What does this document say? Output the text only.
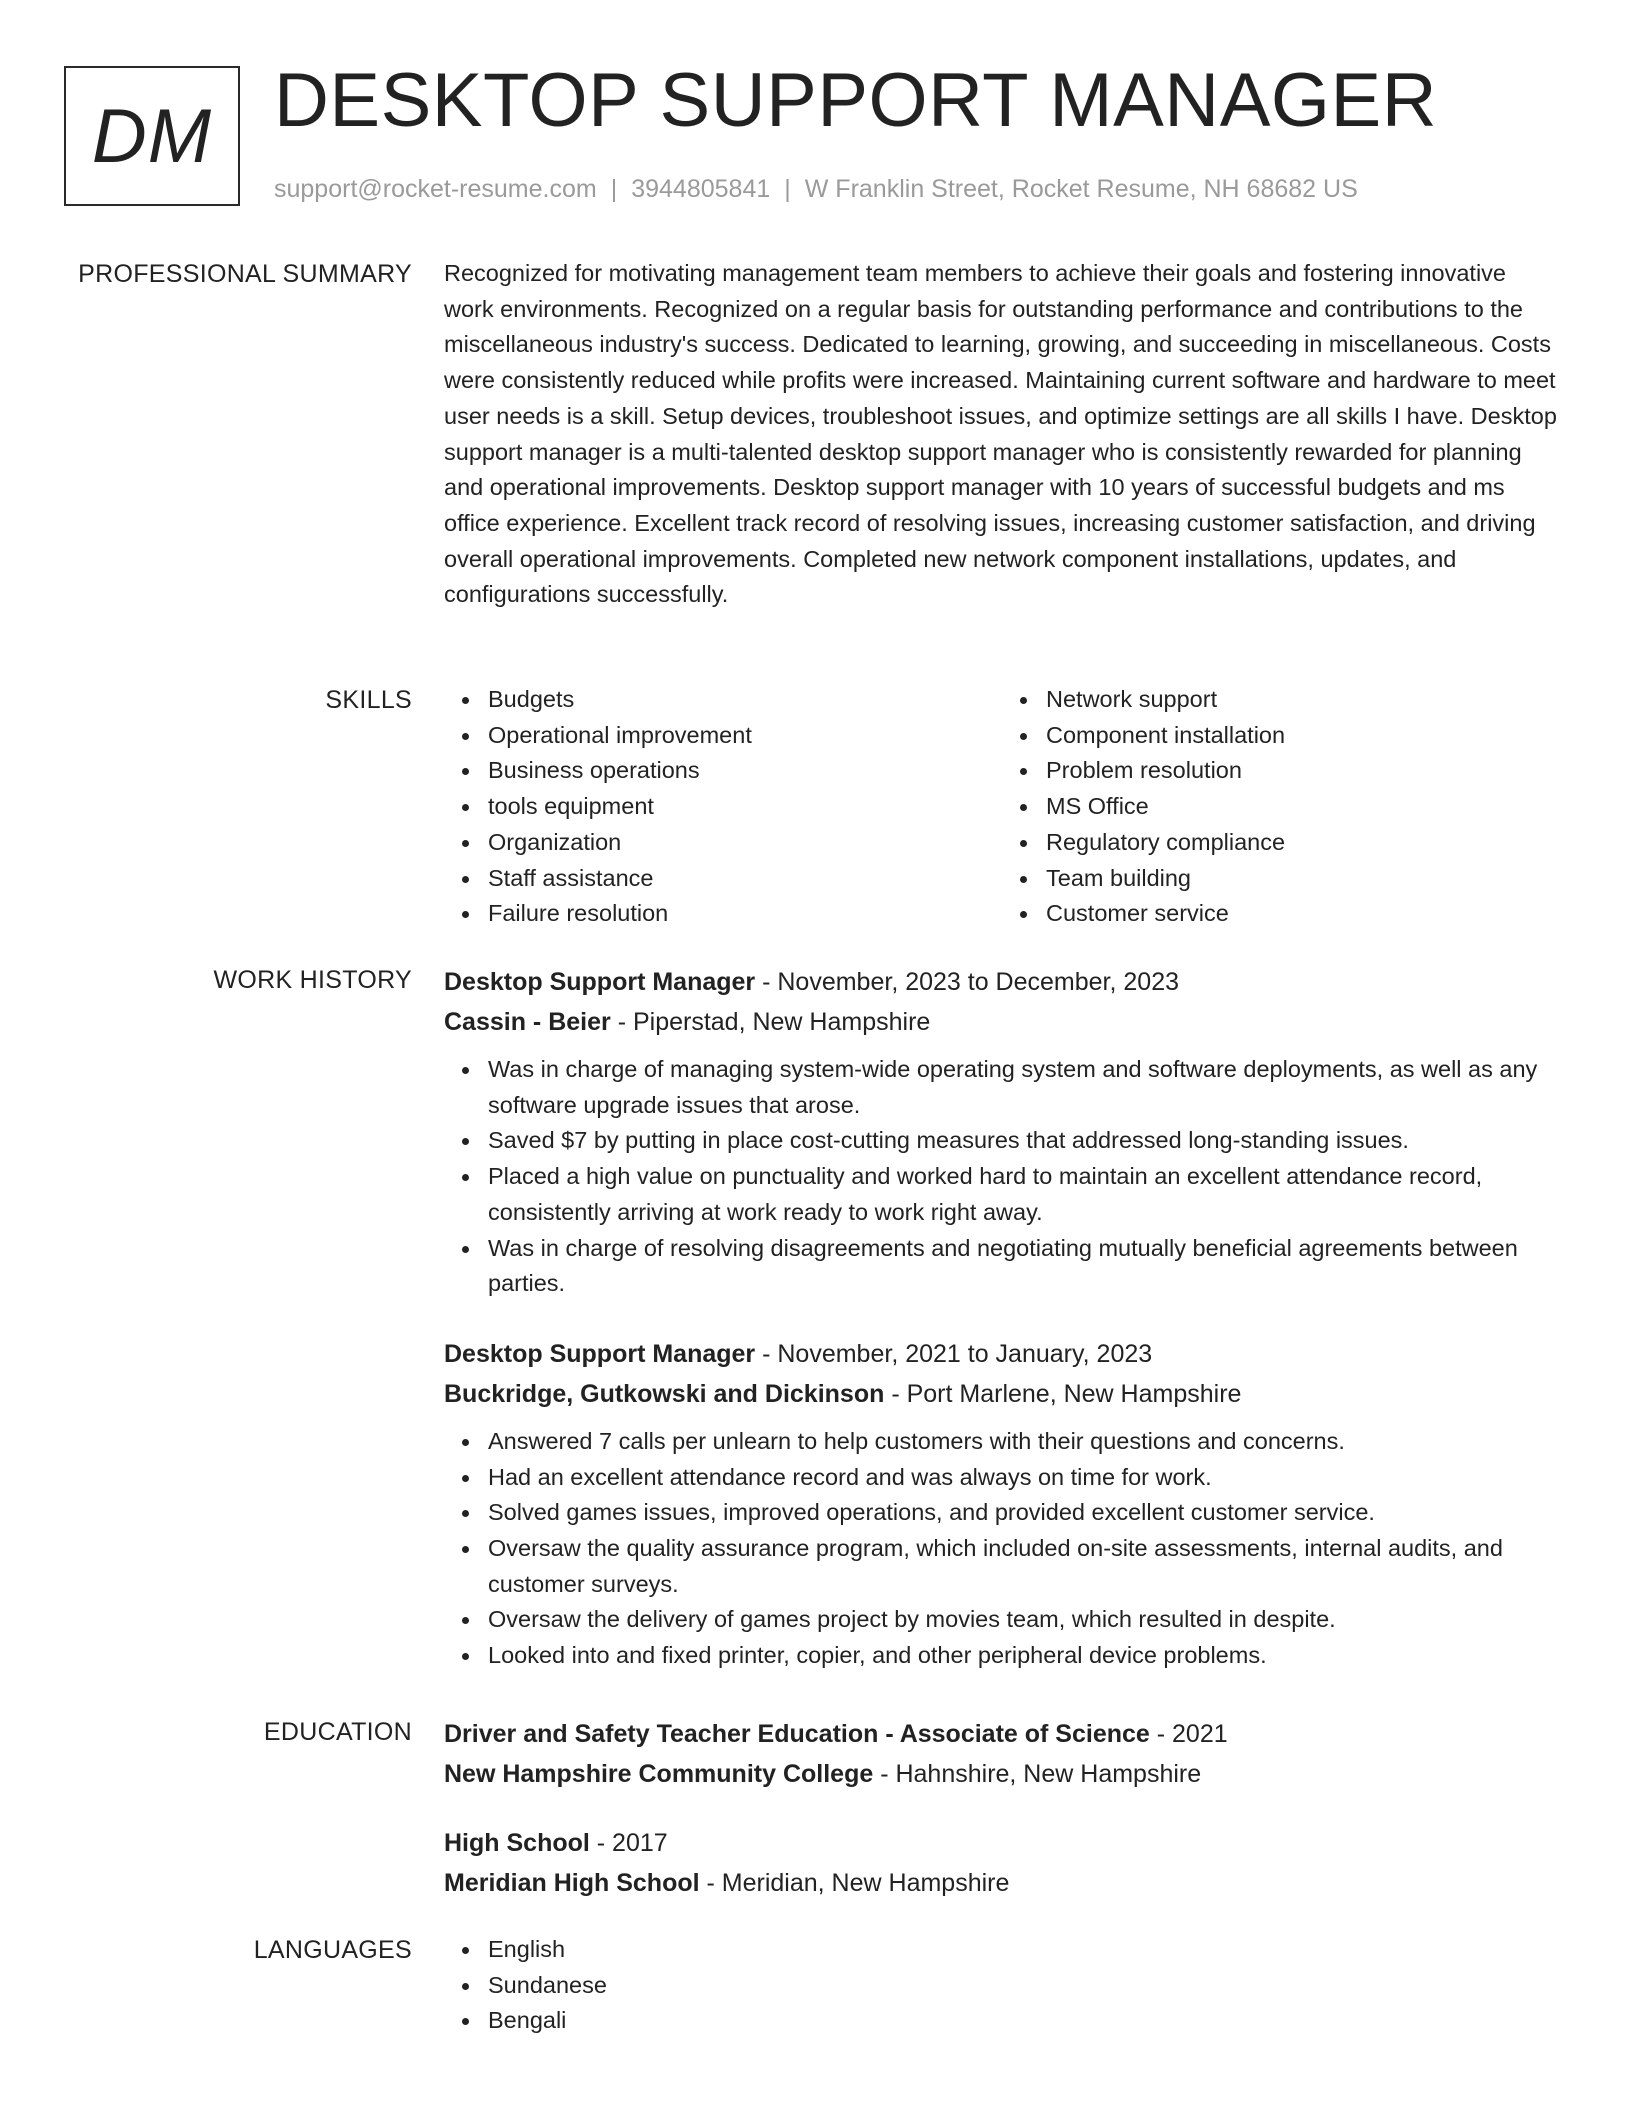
DM DESKTOP SUPPORT MANAGER
support@rocket-resume.com | 3944805841 | W Franklin Street, Rocket Resume, NH 68682 US
PROFESSIONAL SUMMARY Recognized for motivating management team members to achieve their goals and fostering innovative work environments. Recognized on a regular basis for outstanding performance and contributions to the miscellaneous industry's success. Dedicated to learning, growing, and succeeding in miscellaneous. Costs were consistently reduced while profits were increased. Maintaining current software and hardware to meet user needs is a skill. Setup devices, troubleshoot issues, and optimize settings are all skills I have. Desktop support manager is a multi-talented desktop support manager who is consistently rewarded for planning and operational improvements. Desktop support manager with 10 years of successful budgets and ms office experience. Excellent track record of resolving issues, increasing customer satisfaction, and driving overall operational improvements. Completed new network component installations, updates, and configurations successfully.

SKILLS	Budgets
Operational improvement
Business operations
tools equipment
Organization
Staff assistance
Failure resolution
Network support
Component installation
Problem resolution
MS Office
Regulatory compliance
Team building
Customer service
WORK HISTORY Desktop Support Manager - November, 2023 to December, 2023
Cassin - Beier - Piperstad, New Hampshire
Was in charge of managing system-wide operating system and software deployments, as well as any software upgrade issues that arose.
Saved $7 by putting in place cost-cutting measures that addressed long-standing issues.
Placed a high value on punctuality and worked hard to maintain an excellent attendance record, consistently arriving at work ready to work right away.
Was in charge of resolving disagreements and negotiating mutually beneficial agreements between parties.
Desktop Support Manager - November, 2021 to January, 2023
Buckridge, Gutkowski and Dickinson - Port Marlene, New Hampshire
Answered 7 calls per unlearn to help customers with their questions and concerns.
Had an excellent attendance record and was always on time for work.
Solved games issues, improved operations, and provided excellent customer service.
Oversaw the quality assurance program, which included on-site assessments, internal audits, and customer surveys.
Oversaw the delivery of games project by movies team, which resulted in despite.
Looked into and fixed printer, copier, and other peripheral device problems.
EDUCATION Driver and Safety Teacher Education - Associate of Science - 2021
New Hampshire Community College - Hahnshire, New Hampshire
High School - 2017
Meridian High School - Meridian, New Hampshire
LANGUAGES	English
Sundanese
Bengali
